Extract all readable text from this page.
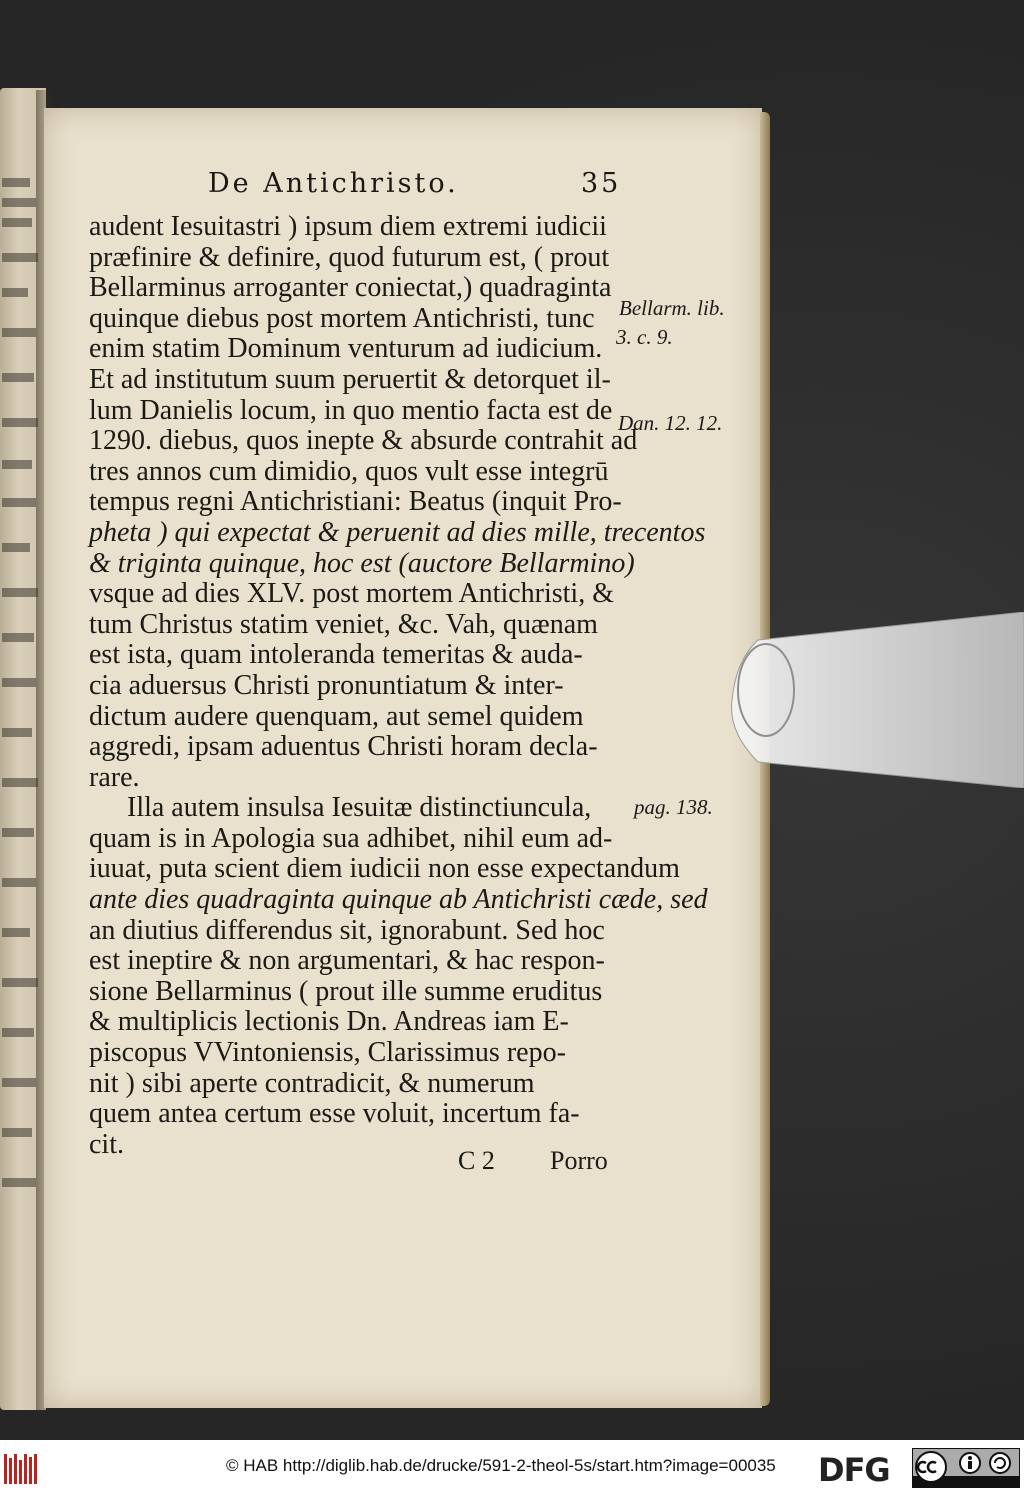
De Antichristo.	35
audent Iesuitastri ) ipsum diem extremi iudicii
præfinire & definire, quod futurum est, ( prout
Bellarminus arroganter coniectat,) quadraginta
quinque diebus post mortem Antichristi, tunc
enim statim Dominum venturum ad iudicium.
Et ad institutum suum peruertit & detorquet il-
lum Danielis locum, in quo mentio facta est de
1290. diebus, quos inepte & absurde contrahit ad
tres annos cum dimidio, quos vult esse integrū
tempus regni Antichristiani: Beatus (inquit Pro-
pheta ) qui expectat & peruenit ad dies mille, trecentos
& triginta quinque, hoc est (auctore Bellarmino)
vsque ad dies XLV. post mortem Antichristi, &
tum Christus statim veniet, &c. Vah, quænam
est ista, quam intoleranda temeritas & auda-
cia aduersus Christi pronuntiatum & inter-
dictum audere quenquam, aut semel quidem
aggredi, ipsam aduentus Christi horam decla-
rare.
Illa autem insulsa Iesuitæ distinctiuncula,
quam is in Apologia sua adhibet, nihil eum ad-
iuuat, puta scient diem iudicii non esse expectandum
ante dies quadraginta quinque ab Antichristi cæde, sed
an diutius differendus sit, ignorabunt. Sed hoc
est ineptire & non argumentari, & hac respon-
sione Bellarminus ( prout ille summe eruditus
& multiplicis lectionis Dn. Andreas iam E-
piscopus VVintoniensis, Clarissimus repo-
nit ) sibi aperte contradicit, & numerum
quem antea certum esse voluit, incertum fa-
cit.
Bellarm. lib.
3. c. 9.
Dan. 12. 12.
pag. 138.
C 2 Porro
© HAB http://diglib.hab.de/drucke/591-2-theol-5s/start.htm?image=00035 DFG
